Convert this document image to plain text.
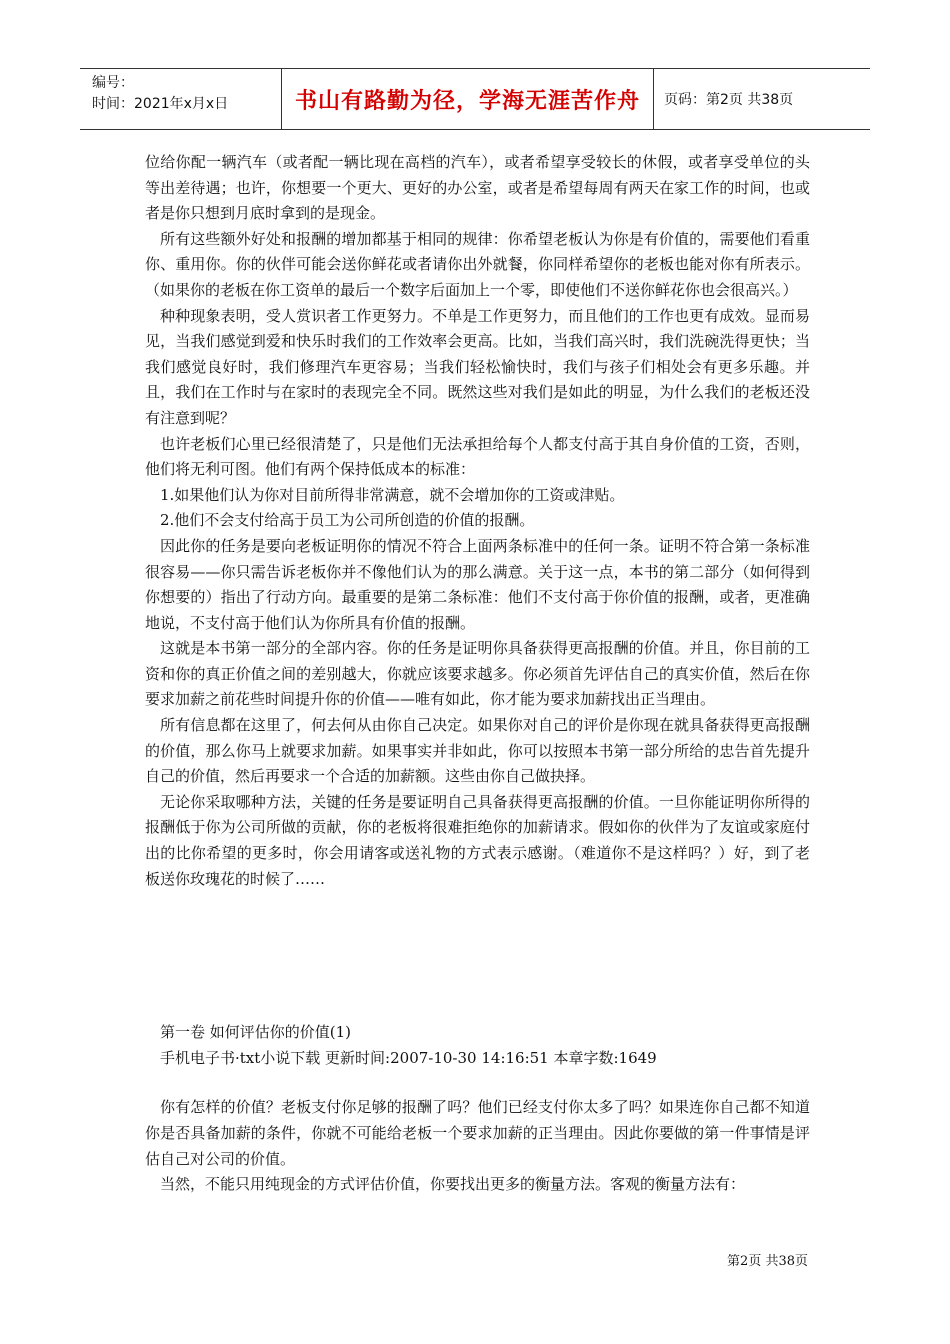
编号：
时间：2021年x月x日	书山有路勤为径，学海无涯苦作舟	页码：第2页 共38页

位给你配一辆汽车（或者配一辆比现在高档的汽车），或者希望享受较长的休假，或者享受单位的头等出差待遇；也许，你想要一个更大、更好的办公室，或者是希望每周有两天在家工作的时间，也或者是你只想到月底时拿到的是现金。

所有这些额外好处和报酬的增加都基于相同的规律：你希望老板认为你是有价值的，需要他们看重你、重用你。你的伙伴可能会送你鲜花或者请你出外就餐，你同样希望你的老板也能对你有所表示。（如果你的老板在你工资单的最后一个数字后面加上一个零，即使他们不送你鲜花你也会很高兴。）

种种现象表明，受人赏识者工作更努力。不单是工作更努力，而且他们的工作也更有成效。显而易见，当我们感觉到爱和快乐时我们的工作效率会更高。比如，当我们高兴时，我们洗碗洗得更快；当我们感觉良好时，我们修理汽车更容易；当我们轻松愉快时，我们与孩子们相处会有更多乐趣。并且，我们在工作时与在家时的表现完全不同。既然这些对我们是如此的明显，为什么我们的老板还没有注意到呢？

也许老板们心里已经很清楚了，只是他们无法承担给每个人都支付高于其自身价值的工资，否则，他们将无利可图。他们有两个保持低成本的标准：

1.如果他们认为你对目前所得非常满意，就不会增加你的工资或津贴。

2.他们不会支付给高于员工为公司所创造的价值的报酬。

因此你的任务是要向老板证明你的情况不符合上面两条标准中的任何一条。证明不符合第一条标准很容易——你只需告诉老板你并不像他们认为的那么满意。关于这一点，本书的第二部分（如何得到你想要的）指出了行动方向。最重要的是第二条标准：他们不支付高于你价值的报酬，或者，更准确地说，不支付高于他们认为你所具有价值的报酬。

这就是本书第一部分的全部内容。你的任务是证明你具备获得更高报酬的价值。并且，你目前的工资和你的真正价值之间的差别越大，你就应该要求越多。你必须首先评估自己的真实价值，然后在你要求加薪之前花些时间提升你的价值——唯有如此，你才能为要求加薪找出正当理由。

所有信息都在这里了，何去何从由你自己决定。如果你对自己的评价是你现在就具备获得更高报酬的价值，那么你马上就要求加薪。如果事实并非如此，你可以按照本书第一部分所给的忠告首先提升自己的价值，然后再要求一个合适的加薪额。这些由你自己做抉择。

无论你采取哪种方法，关键的任务是要证明自己具备获得更高报酬的价值。一旦你能证明你所得的报酬低于你为公司所做的贡献，你的老板将很难拒绝你的加薪请求。假如你的伙伴为了友谊或家庭付出的比你希望的更多时，你会用请客或送礼物的方式表示感谢。（难道你不是这样吗？）好，到了老板送你玫瑰花的时候了……

第一卷 如何评估你的价值(1)

手机电子书·txt小说下载 更新时间:2007-10-30 14:16:51 本章字数:1649

你有怎样的价值？老板支付你足够的报酬了吗？他们已经支付你太多了吗？如果连你自己都不知道你是否具备加薪的条件，你就不可能给老板一个要求加薪的正当理由。因此你要做的第一件事情是评估自己对公司的价值。

当然，不能只用纯现金的方式评估价值，你要找出更多的衡量方法。客观的衡量方法有：

第2页 共38页
